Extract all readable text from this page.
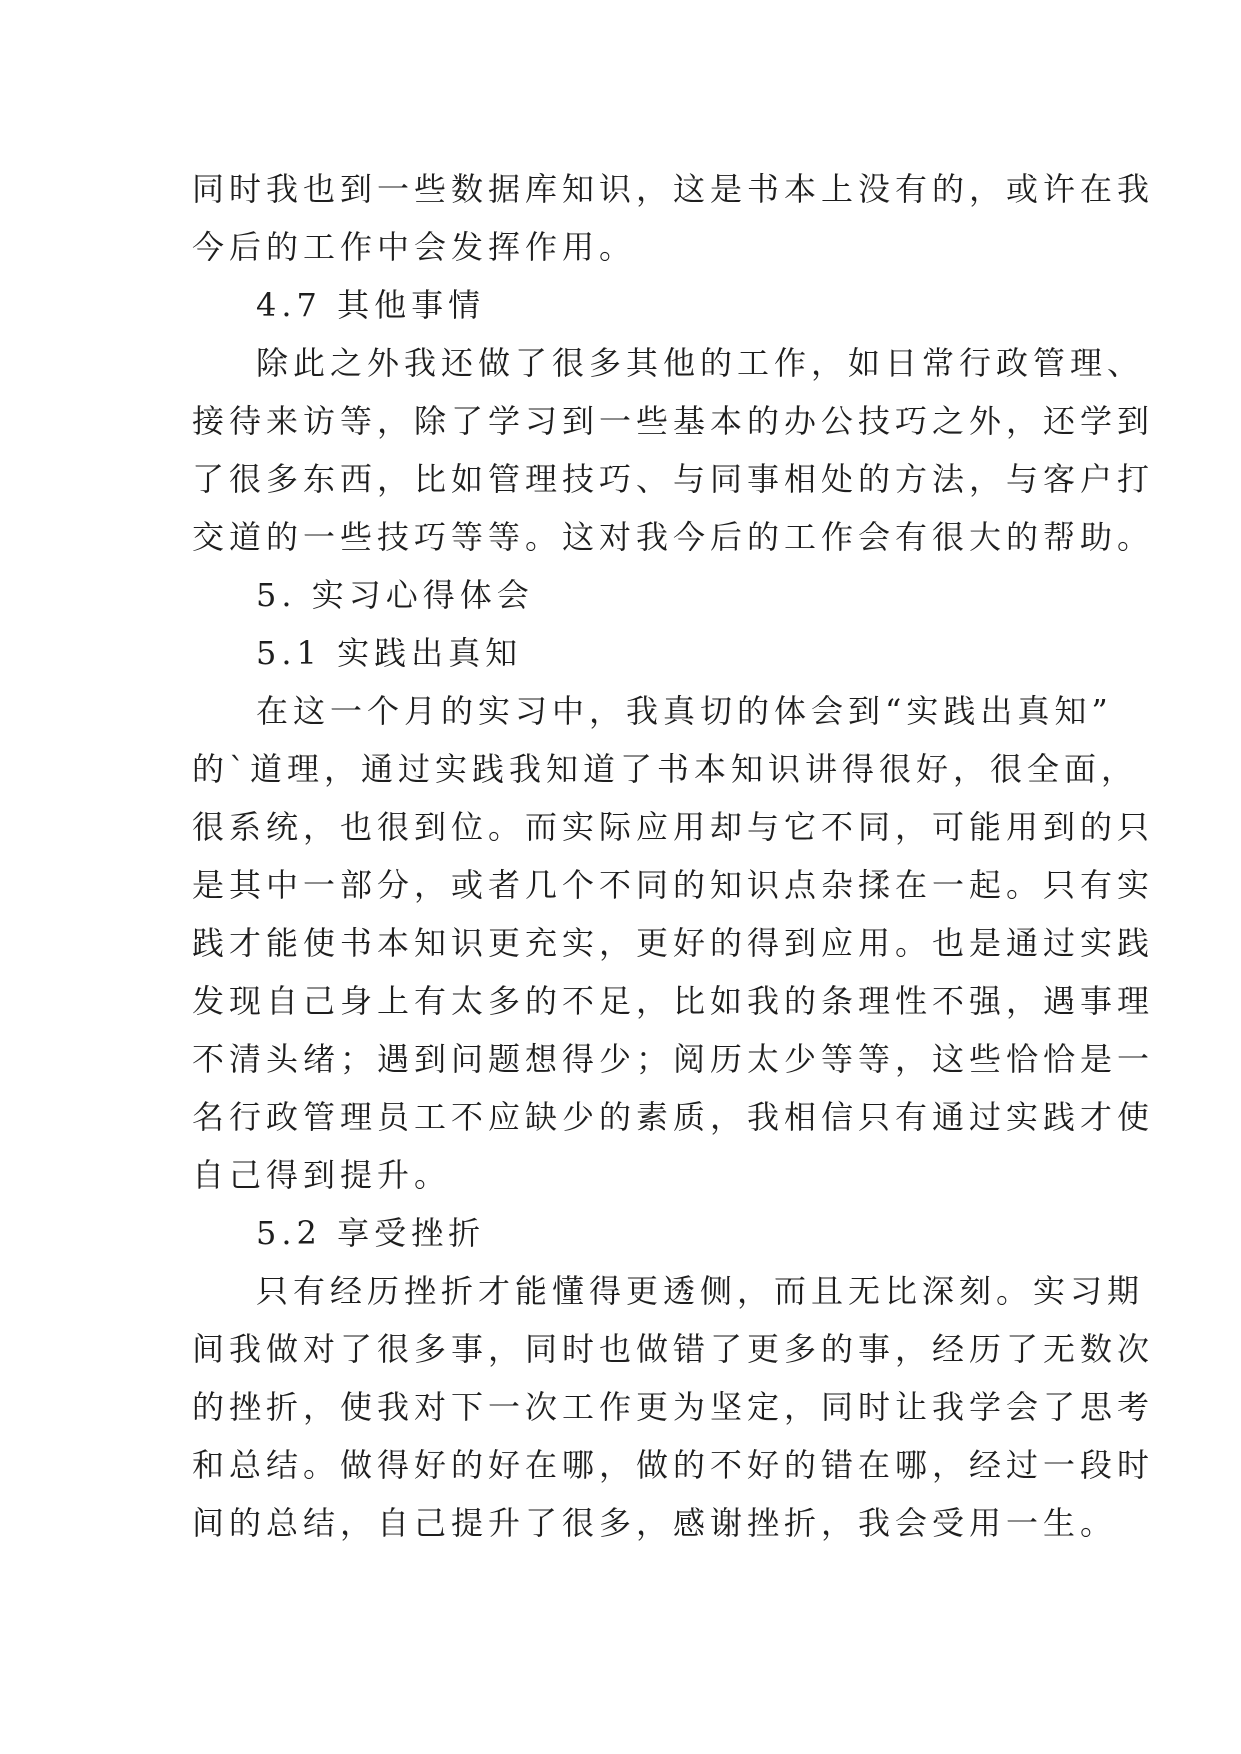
同时我也到一些数据库知识，这是书本上没有的，或许在我
今后的工作中会发挥作用。
4.7 其他事情
除此之外我还做了很多其他的工作，如日常行政管理、
接待来访等，除了学习到一些基本的办公技巧之外，还学到
了很多东西，比如管理技巧、与同事相处的方法，与客户打
交道的一些技巧等等。这对我今后的工作会有很大的帮助。
5. 实习心得体会
5.1 实践出真知
在这一个月的实习中，我真切的体会到“实践出真知”
的`道理，通过实践我知道了书本知识讲得很好，很全面，
很系统，也很到位。而实际应用却与它不同，可能用到的只
是其中一部分，或者几个不同的知识点杂揉在一起。只有实
践才能使书本知识更充实，更好的得到应用。也是通过实践
发现自己身上有太多的不足，比如我的条理性不强，遇事理
不清头绪；遇到问题想得少；阅历太少等等，这些恰恰是一
名行政管理员工不应缺少的素质，我相信只有通过实践才使
自己得到提升。
5.2 享受挫折
只有经历挫折才能懂得更透侧，而且无比深刻。实习期
间我做对了很多事，同时也做错了更多的事，经历了无数次
的挫折，使我对下一次工作更为坚定，同时让我学会了思考
和总结。做得好的好在哪，做的不好的错在哪，经过一段时
间的总结，自己提升了很多，感谢挫折，我会受用一生。
